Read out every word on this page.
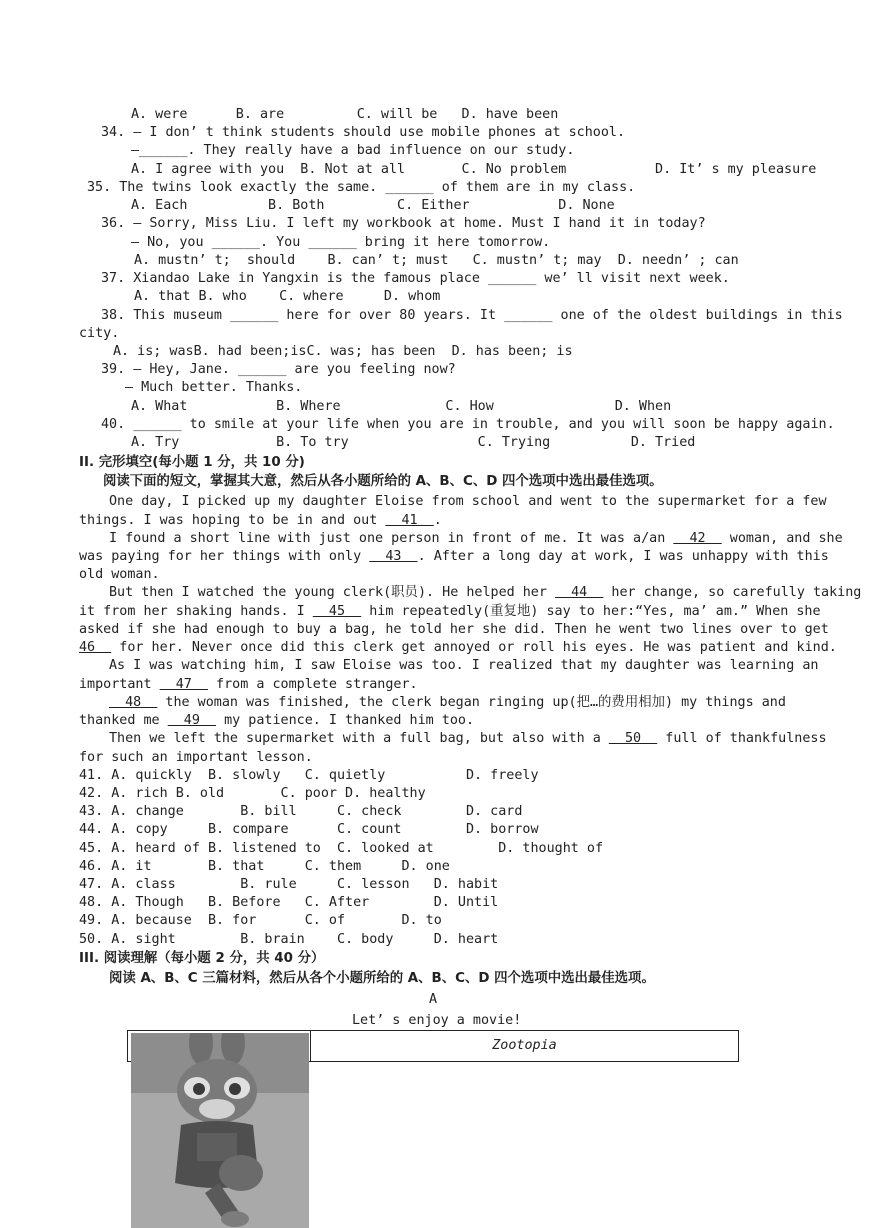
A. were      B. are         C. will be   D. have been
34. — I don’ t think students should use mobile phones at school.
—______. They really have a bad influence on our study.
A. I agree with you  B. Not at all       C. No problem           D. It’ s my pleasure
35. The twins look exactly the same. ______ of them are in my class.
A. Each          B. Both         C. Either           D. None
36. — Sorry, Miss Liu. I left my workbook at home. Must I hand it in today?
— No, you ______. You ______ bring it here tomorrow.
A. mustn’ t;  should    B. can’ t; must   C. mustn’ t; may  D. needn’ ; can
37. Xiandao Lake in Yangxin is the famous place ______ we’ ll visit next week.
A. that B. who    C. where     D. whom
38. This museum ______ here for over 80 years. It ______ one of the oldest buildings in this
city.
A. is; wasB. had been;isC. was; has been  D. has been; is
39. — Hey, Jane. ______ are you feeling now?
— Much better. Thanks.
A. What           B. Where             C. How               D. When
40. ______ to smile at your life when you are in trouble, and you will soon be happy again.
A. Try            B. To try                C. Trying          D. Tried
II. 完形填空(每小题 1 分，共 10 分)
阅读下面的短文，掌握其大意，然后从各小题所给的 A、B、C、D 四个选项中选出最佳选项。
One day, I picked up my daughter Eloise from school and went to the supermarket for a few
things. I was hoping to be in and out   41  .
I found a short line with just one person in front of me. It was a/an   42   woman, and she
was paying for her things with only   43  . After a long day at work, I was unhappy with this
old woman.
But then I watched the young clerk(职员). He helped her   44   her change, so carefully taking
it from her shaking hands. I   45   him repeatedly(重复地) say to her:“Yes, ma’ am.” When she
asked if she had enough to buy a bag, he told her she did. Then he went two lines over to get
46   for her. Never once did this clerk get annoyed or roll his eyes. He was patient and kind.
As I was watching him, I saw Eloise was too. I realized that my daughter was learning an
important   47   from a complete stranger.
48   the woman was finished, the clerk began ringing up(把…的费用相加) my things and
thanked me   49   my patience. I thanked him too.
Then we left the supermarket with a full bag, but also with a   50   full of thankfulness
for such an important lesson.
41. A. quickly  B. slowly   C. quietly          D. freely
42. A. rich B. old       C. poor D. healthy
43. A. change       B. bill     C. check        D. card
44. A. copy     B. compare      C. count        D. borrow
45. A. heard of B. listened to  C. looked at        D. thought of
46. A. it       B. that     C. them     D. one
47. A. class        B. rule     C. lesson   D. habit
48. A. Though   B. Before   C. After        D. Until
49. A. because  B. for      C. of       D. to
50. A. sight        B. brain    C. body     D. heart
III. 阅读理解（每小题 2 分，共 40 分）
阅读 A、B、C 三篇材料，然后从各个小题所给的 A、B、C、D 四个选项中选出最佳选项。
A
Let’ s enjoy a movie!
Zootopia
